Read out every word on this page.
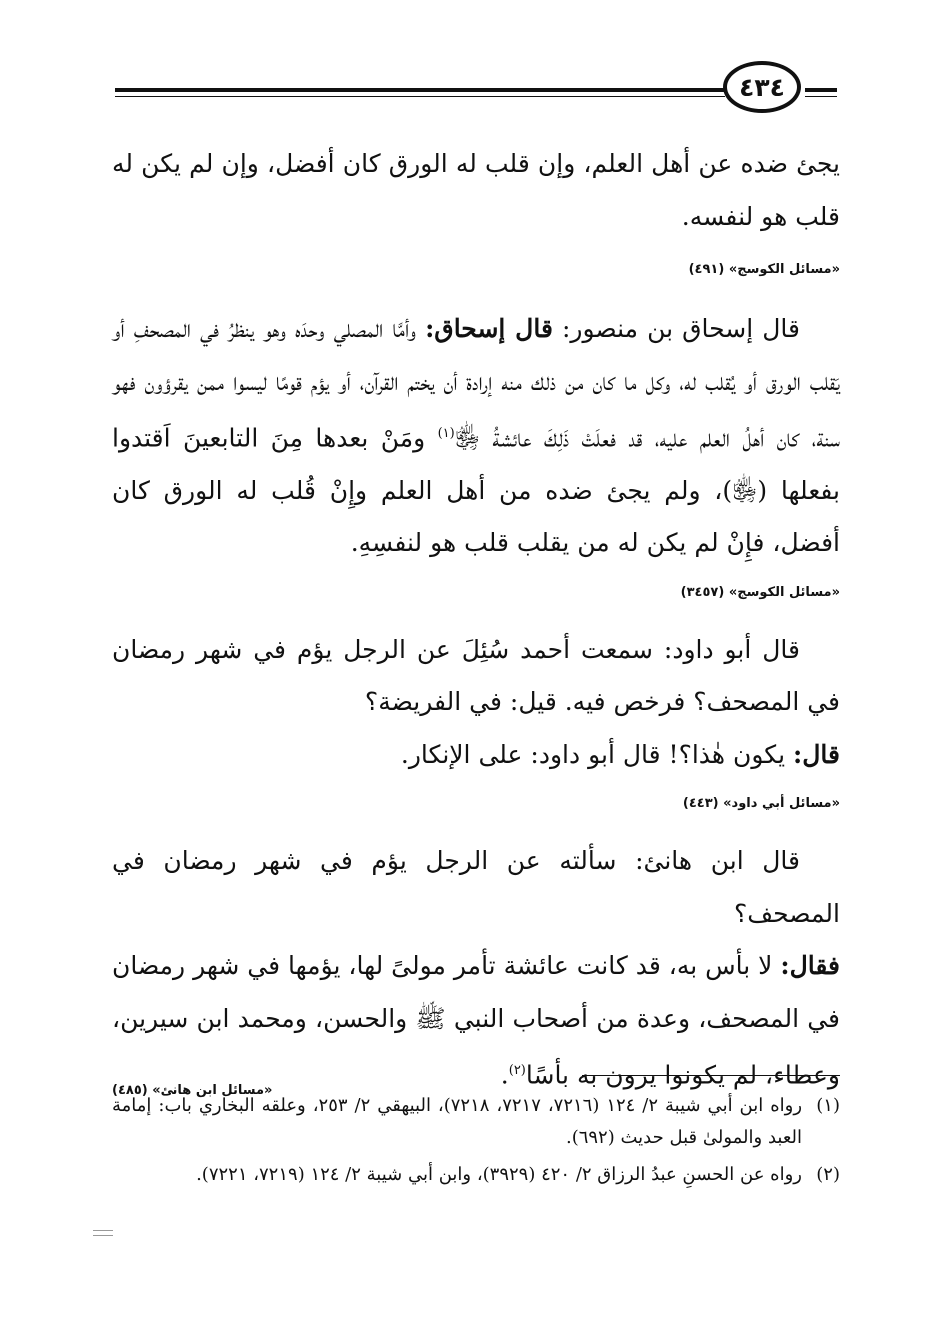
٤٣٤

يجئ ضده عن أهل العلم، وإن قلب له الورق كان أفضل، وإن لم يكن له قلب هو لنفسه.

«مسائل الكوسج» (٤٩١)

قال إسحاق بن منصور: قال إسحاق: وأمَّا المصلي وحدَه وهو ينظرُ في المصحفِ أو يَقلب الورق أو يُقلب له، وكل ما كان من ذلك منه إرادة أن يختم القرآن، أو يؤم قومًا ليسوا ممن يقرؤون فهو سنة، كان أهلُ العلم عليه، قد فعلَتْ ذَلِكَ عائشةُ ﵂$^{(١)}$ ومَنْ بعدها مِنَ التابعينَ اَقتدوا بفعلها (﵂)، ولم يجئ ضده من أهل العلم وإِنْ قُلب له الورق كان أفضل، فإِنْ لم يكن له من يقلب قلب هو لنفسِهِ.

«مسائل الكوسج» (٣٤٥٧)

قال أبو داود: سمعت أحمد سُئِلَ عن الرجل يؤم في شهر رمضان في المصحف؟ فرخص فيه. قيل: في الفريضة؟
قال: يكون هٰذا؟! قال أبو داود: على الإنكار.

«مسائل أبي داود» (٤٤٣)

قال ابن هانئ: سألته عن الرجل يؤم في شهر رمضان في المصحف؟
فقال: لا بأس به، قد كانت عائشة تأمر مولىً لها، يؤمها في شهر رمضان في المصحف، وعدة من أصحاب النبي ﷺ والحسن، ومحمد ابن سيرين، وعطاء، لم يكونوا يرون به بأسًا$^{(٢)}$.
«مسائل ابن هانئ» (٤٨٥)

(١)
رواه ابن أبي شيبة ٢/ ١٢٤ (٧٢١٦، ٧٢١٧، ٧٢١٨)، البيهقي ٢/ ٢٥٣، وعلقه البخاري باب: إمامة العبد والمولىٰ قبل حديث (٦٩٢).

(٢)
رواه عن الحسنِ عبدُ الرزاق ٢/ ٤٢٠ (٣٩٢٩)، وابن أبي شيبة ٢/ ١٢٤ (٧٢١٩، ٧٢٢١).
